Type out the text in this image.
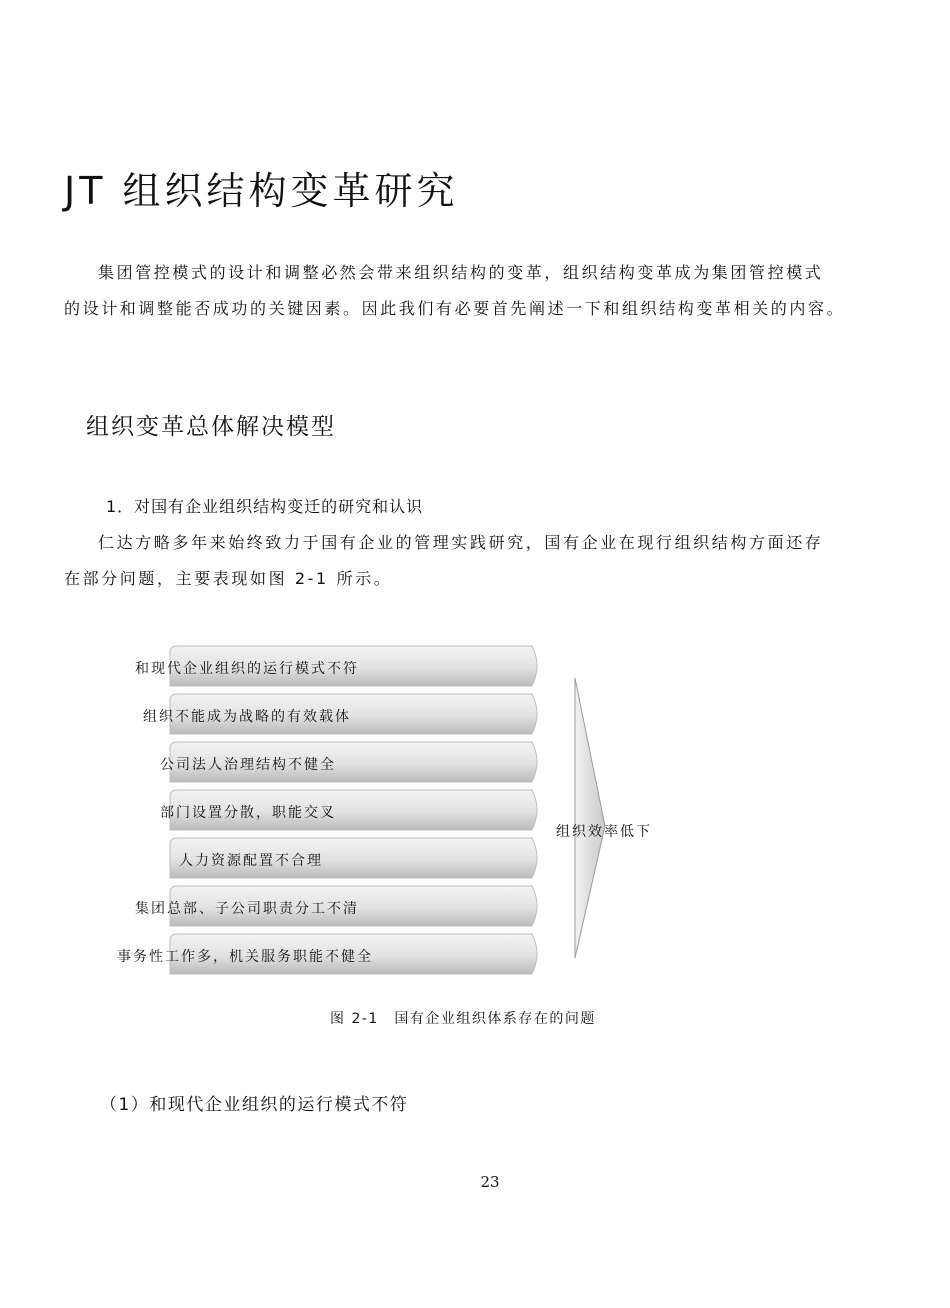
JT 组织结构变革研究
集团管控模式的设计和调整必然会带来组织结构的变革，组织结构变革成为集团管控模式
的设计和调整能否成功的关键因素。因此我们有必要首先阐述一下和组织结构变革相关的内容。
组织变革总体解决模型
1．对国有企业组织结构变迁的研究和认识
仁达方略多年来始终致力于国有企业的管理实践研究，国有企业在现行组织结构方面还存
在部分问题，主要表现如图 2-1 所示。
和现代企业组织的运行模式不符
组织不能成为战略的有效载体
公司法人治理结构不健全
部门设置分散，职能交叉
人力资源配置不合理
集团总部、子公司职责分工不清
事务性工作多，机关服务职能不健全
组织效率低下
图 2-1　国有企业组织体系存在的问题
（1）和现代企业组织的运行模式不符
23
